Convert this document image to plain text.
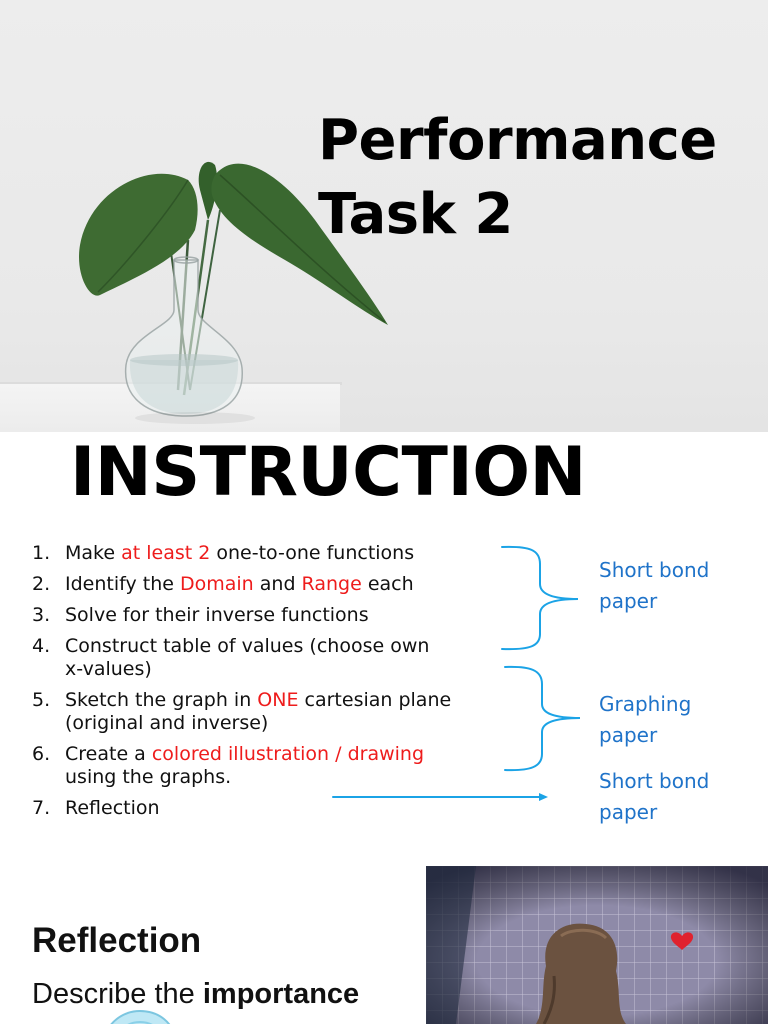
Performance
Task 2
INSTRUCTION
1. Make at least 2 one-to-one functions
2. Identify the Domain and Range each
3. Solve for their inverse functions
4. Construct table of values (choose own
x-values)
5. Sketch the graph in ONE cartesian plane
(original and inverse)
6. Create a colored illustration / drawing
using the graphs.
7. Reflection
Short bond
paper
Graphing
paper
Short bond
paper
Reflection

Describe the importance
